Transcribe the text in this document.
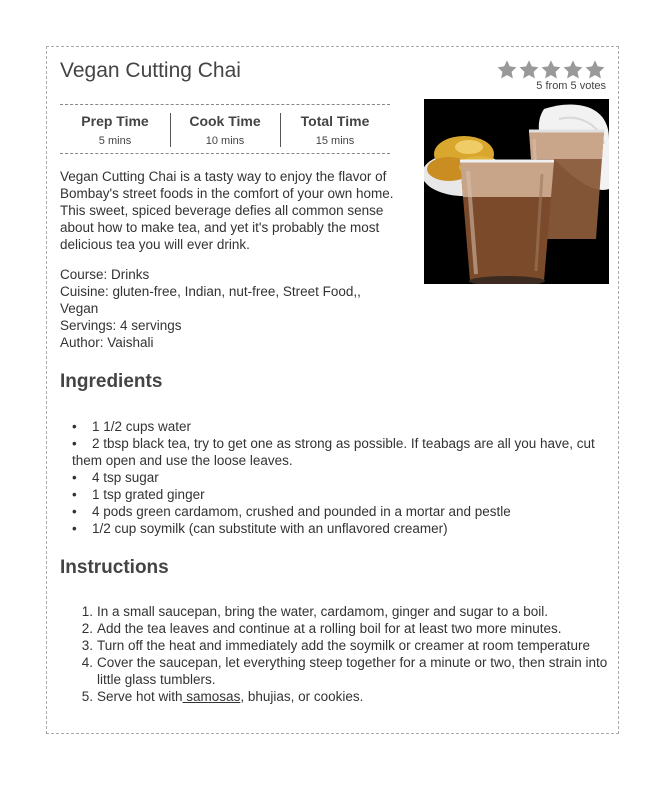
Vegan Cutting Chai
5 from 5 votes
Prep Time
5 mins
Cook Time
10 mins
Total Time
15 mins

Vegan Cutting Chai is a tasty way to enjoy the flavor of Bombay's street foods in the comfort of your own home. This sweet, spiced beverage defies all common sense about how to make tea, and yet it's probably the most delicious tea you will ever drink.

Course: Drinks
Cuisine: gluten-free, Indian, nut-free, Street Food,, Vegan
Servings: 4 servings
Author: Vaishali
Ingredients
• 1 1/2 cups water
• 2 tbsp black tea, try to get one as strong as possible. If teabags are all you have, cut them open and use the loose leaves.
• 4 tsp sugar
• 1 tsp grated ginger
• 4 pods green cardamom, crushed and pounded in a mortar and pestle
• 1/2 cup soymilk (can substitute with an unflavored creamer)
Instructions
1. In a small saucepan, bring the water, cardamom, ginger and sugar to a boil.
2. Add the tea leaves and continue at a rolling boil for at least two more minutes.
3. Turn off the heat and immediately add the soymilk or creamer at room temperature
4. Cover the saucepan, let everything steep together for a minute or two, then strain into little glass tumblers.
5. Serve hot with samosas, bhujias, or cookies.
